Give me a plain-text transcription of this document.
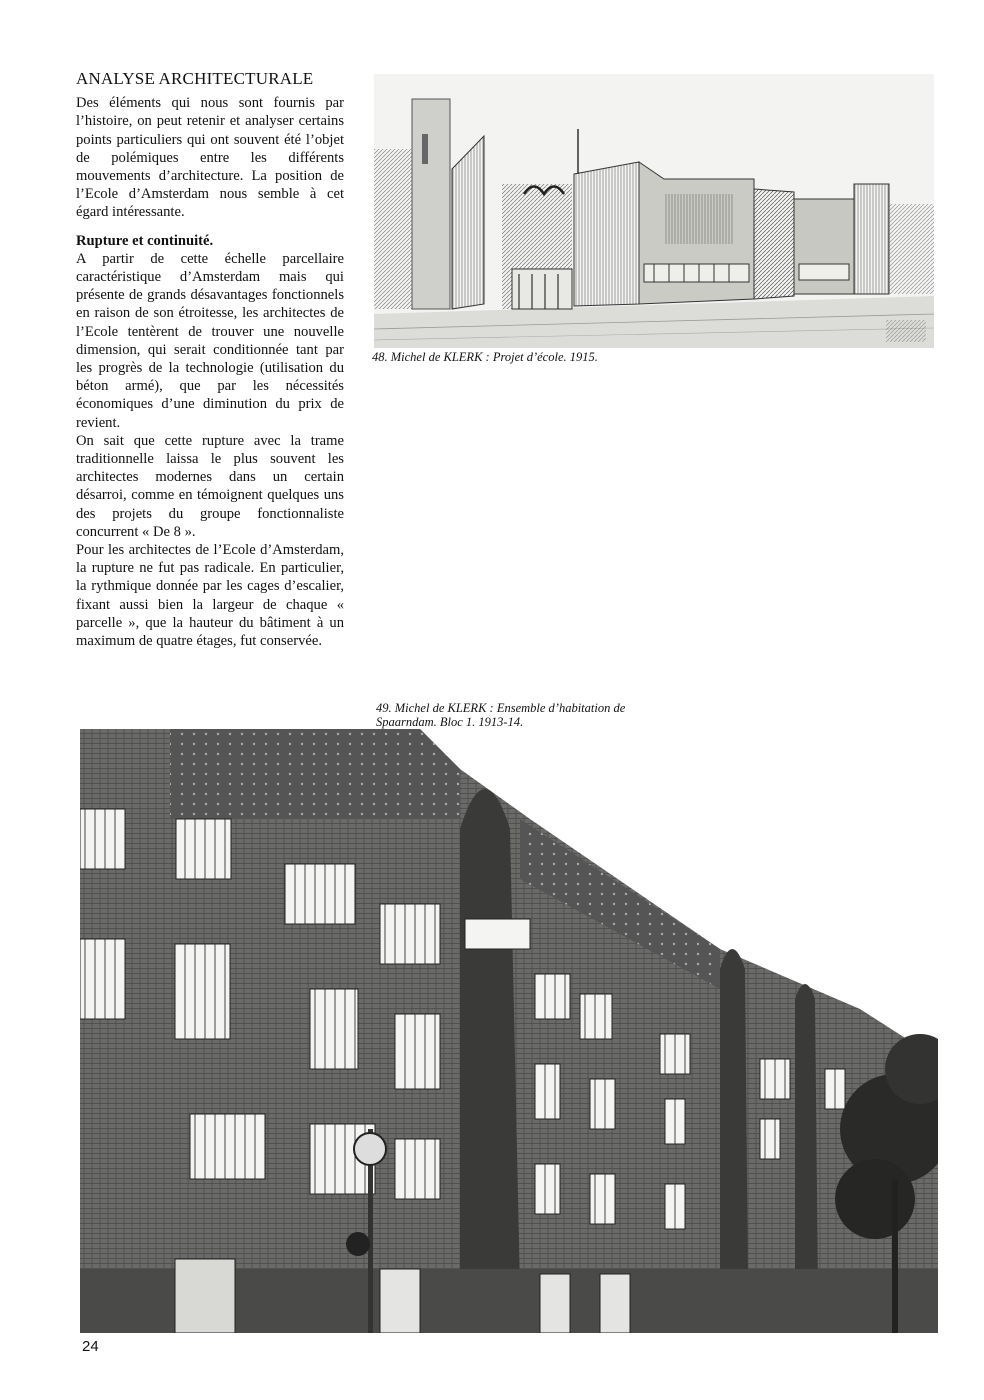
ANALYSE ARCHITECTURALE

Des éléments qui nous sont fournis par l’histoire, on peut retenir et analyser certains points particuliers qui ont souvent été l’objet de polémiques entre les différents mouvements d’architecture. La position de l’Ecole d’Amsterdam nous semble à cet égard intéressante.

Rupture et continuité.

A partir de cette échelle parcellaire caractéristique d’Amsterdam mais qui présente de grands désavantages fonctionnels en raison de son étroitesse, les architectes de l’Ecole tentèrent de trouver une nouvelle dimension, qui serait conditionnée tant par les progrès de la technologie (utilisation du béton armé), que par les nécessités économiques d’une diminution du prix de revient.

On sait que cette rupture avec la trame traditionnelle laissa le plus souvent les architectes modernes dans un certain désarroi, comme en témoignent quelques uns des projets du groupe fonctionnaliste concurrent « De 8 ».

Pour les architectes de l’Ecole d’Amsterdam, la rupture ne fut pas radicale. En particulier, la rythmique donnée par les cages d’escalier, fixant aussi bien la largeur de chaque « parcelle », que la hauteur du bâtiment à un maximum de quatre étages, fut conservée.

48. Michel de KLERK : Projet d’école. 1915.
49. Michel de KLERK : Ensemble d’habitation de Spaarndam. Bloc 1. 1913-14.
24
